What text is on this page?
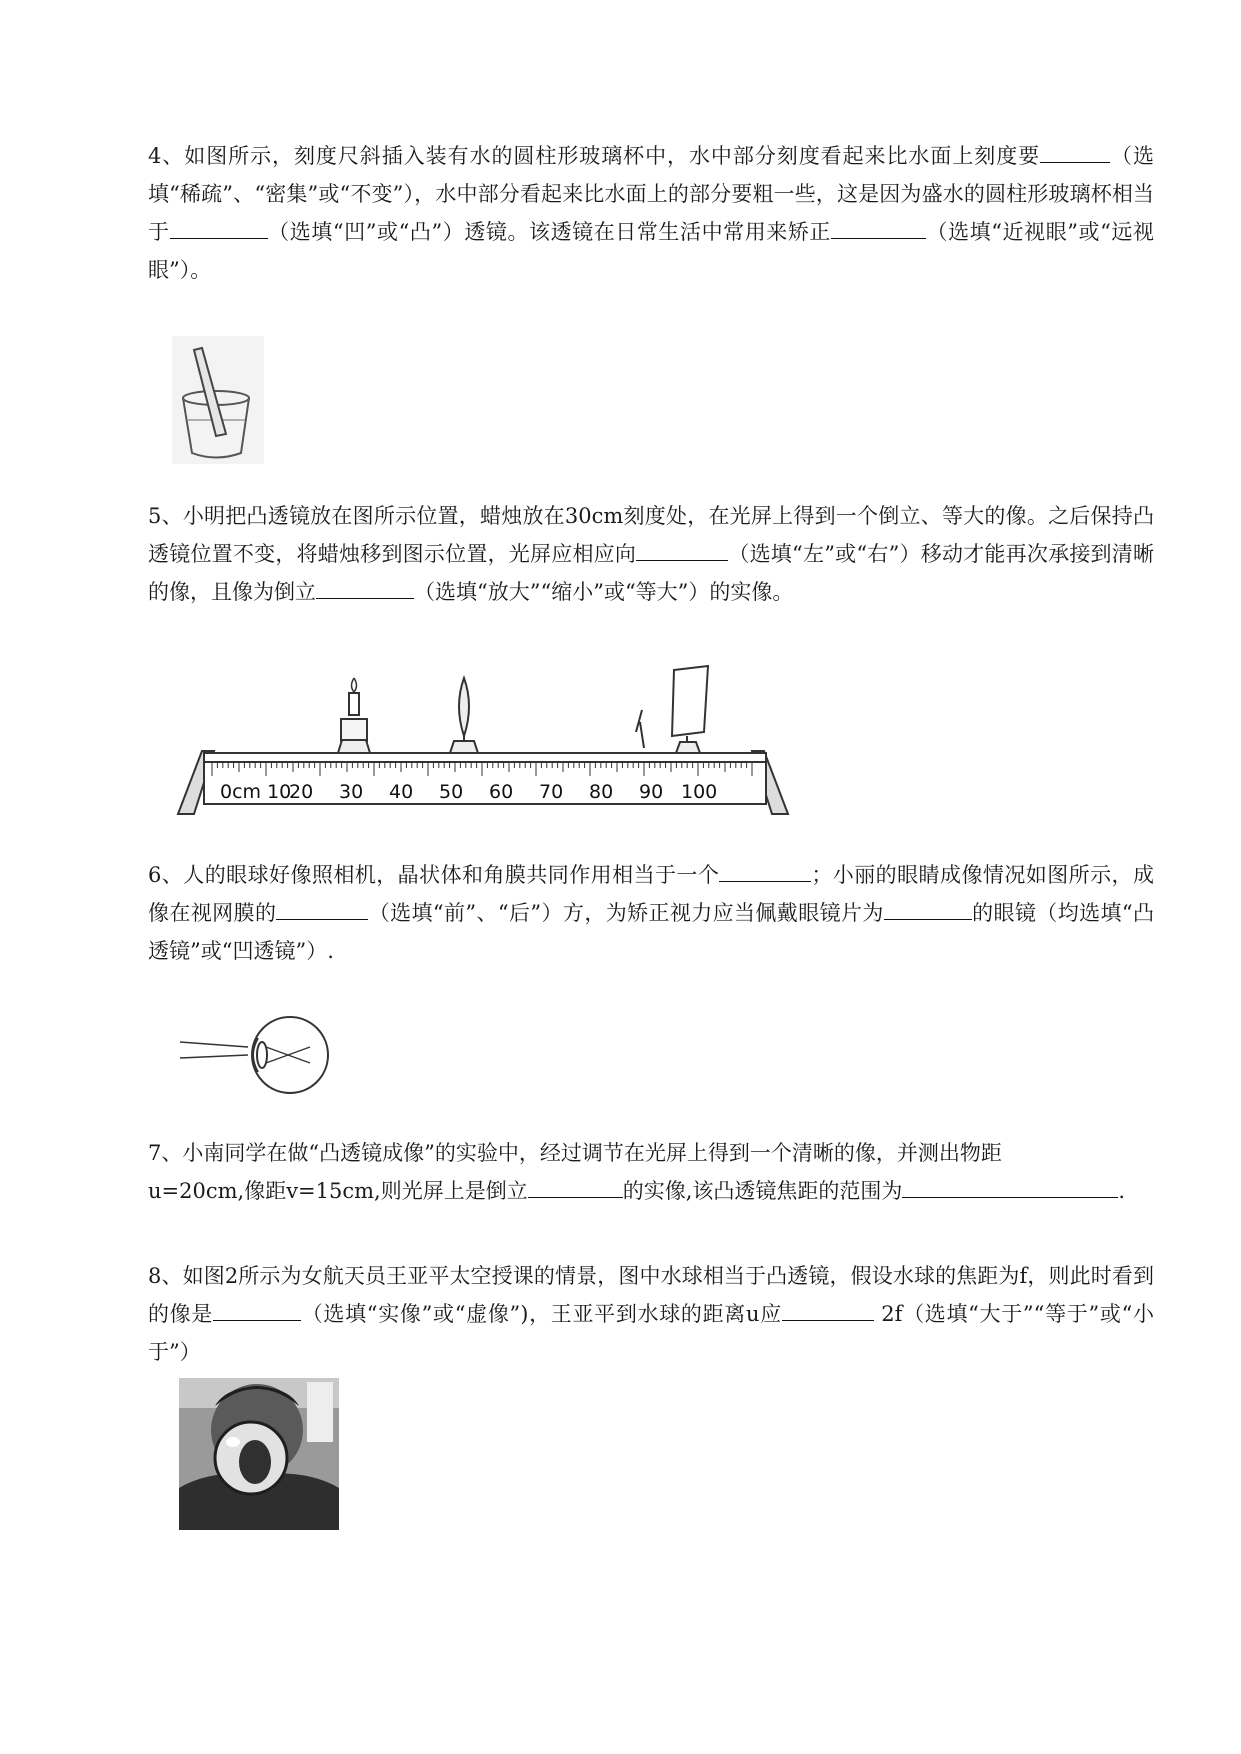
4、如图所示，刻度尺斜插入装有水的圆柱形玻璃杯中，水中部分刻度看起来比水面上刻度要	（选填“稀疏”、“密集”或“不变”），水中部分看起来比水面上的部分要粗一些，这是因为盛水的圆柱形玻璃杯相当于	（选填“凹”或“凸”）透镜。该透镜在日常生活中常用来矫正	（选填“近视眼”或“远视眼”）。

5、小明把凸透镜放在图所示位置，蜡烛放在30cm刻度处，在光屏上得到一个倒立、等大的像。之后保持凸透镜位置不变，将蜡烛移到图示位置，光屏应相应向	（选填“左”或“右”）移动才能再次承接到清晰的像，且像为倒立	（选填“放大”“缩小”或“等大”）的实像。

0cm 10
20 30 40 50 60 70 80 90 100

6、人的眼球好像照相机，晶状体和角膜共同作用相当于一个	；小丽的眼睛成像情况如图所示，成像在视网膜的	（选填“前”、“后”）方，为矫正视力应当佩戴眼镜片为	的眼镜（均选填“凸透镜”或“凹透镜”）.

7、小南同学在做“凸透镜成像”的实验中，经过调节在光屏上得到一个清晰的像，并测出物距
u=20cm,像距v=15cm,则光屏上是倒立	的实像,该凸透镜焦距的范围为	.

8、如图2所示为女航天员王亚平太空授课的情景，图中水球相当于凸透镜，假设水球的焦距为f，则此时看到的像是	（选填“实像”或“虚像”)，王亚平到水球的距离u应	2f（选填“大于”“等于”或“小于”）
